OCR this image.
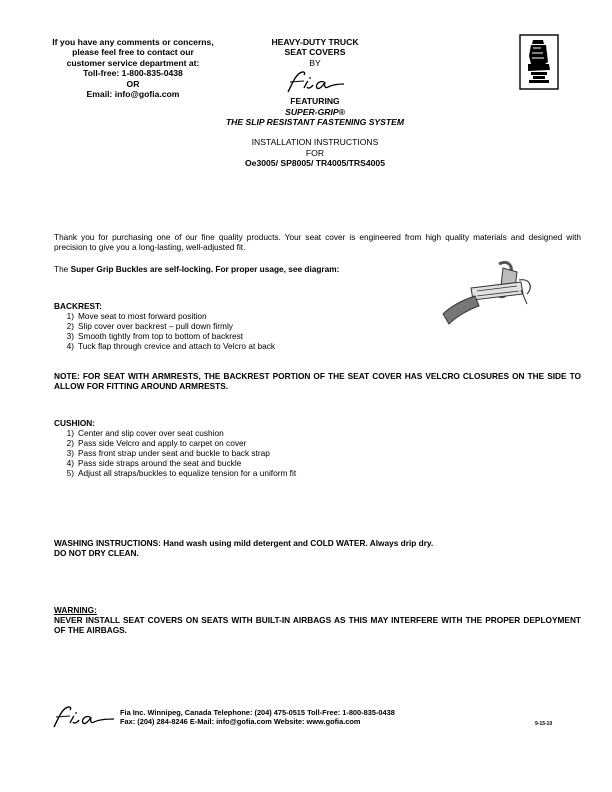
If you have any comments or concerns,
please feel free to contact our
customer service department at:
Toll-free: 1-800-835-0438
OR
Email: info@gofia.com
HEAVY-DUTY TRUCK
SEAT COVERS
BY
FEATURING
SUPER-GRIP®
THE SLIP RESISTANT FASTENING SYSTEM
INSTALLATION INSTRUCTIONS
FOR
Oe3005/ SP8005/ TR4005/TRS4005
Thank you for purchasing one of our fine quality products. Your seat cover is engineered from high quality materials and designed with precision to give you a long-lasting, well-adjusted fit.
The Super Grip Buckles are self-locking. For proper usage, see diagram:
BACKREST:
1) Move seat to most forward position
2) Slip cover over backrest – pull down firmly
3) Smooth tightly from top to bottom of backrest
4) Tuck flap through crevice and attach to Velcro at back
NOTE: FOR SEAT WITH ARMRESTS, THE BACKREST PORTION OF THE SEAT COVER HAS VELCRO CLOSURES ON THE SIDE TO ALLOW FOR FITTING AROUND ARMRESTS.
CUSHION:
1) Center and slip cover over seat cushion
2) Pass side Velcro and apply to carpet on cover
3) Pass front strap under seat and buckle to back strap
4) Pass side straps around the seat and buckle
5) Adjust all straps/buckles to equalize tension for a uniform fit
WASHING INSTRUCTIONS: Hand wash using mild detergent and COLD WATER. Always drip dry.
DO NOT DRY CLEAN.
WARNING:
NEVER INSTALL SEAT COVERS ON SEATS WITH BUILT-IN AIRBAGS AS THIS MAY INTERFERE WITH THE PROPER DEPLOYMENT OF THE AIRBAGS.
Fia Inc. Winnipeg, Canada Telephone: (204) 475-0515 Toll-Free: 1-800-835-0438
Fax: (204) 284-8246 E-Mail: info@gofia.com Website: www.gofia.com	9-15-10
